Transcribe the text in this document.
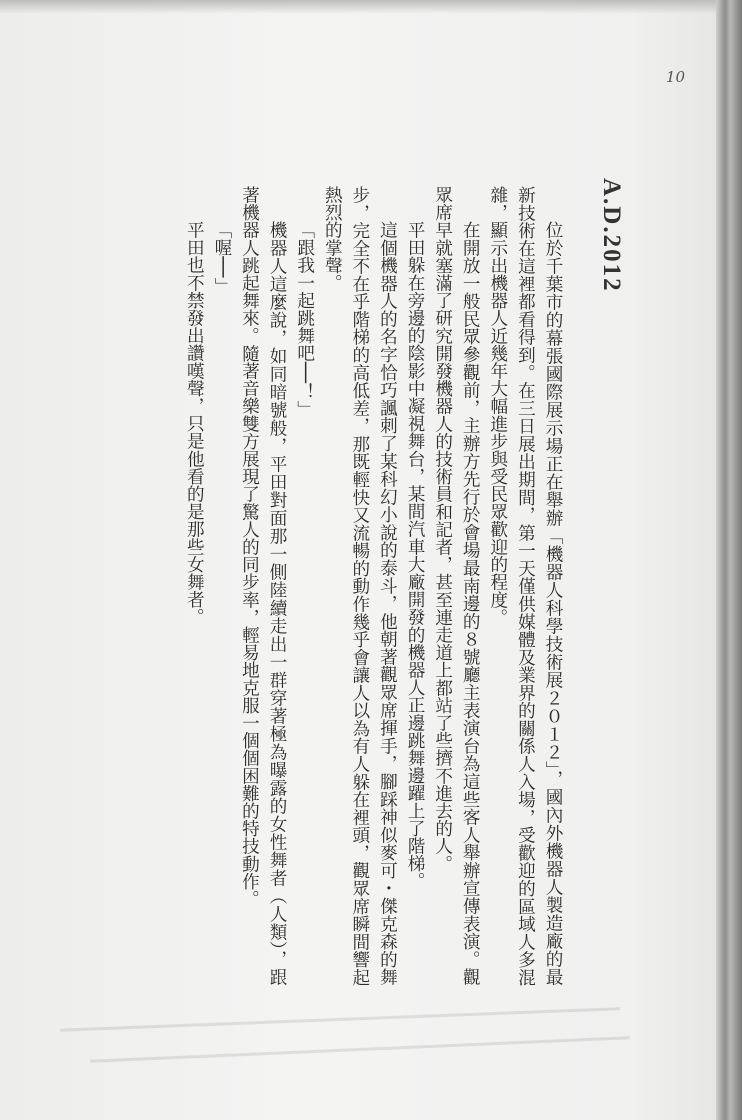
10
A.D.2012

位於千葉市的幕張國際展示場正在舉辦「機器人科學技術展２０１２」，國內外機器人製造廠的最新技術在這裡都看得到。在三日展出期間，第一天僅供媒體及業界的關係人入場，受歡迎的區域人多混雜，顯示出機器人近幾年大幅進步與受民眾歡迎的程度。

在開放一般民眾參觀前，主辦方先行於會場最南邊的８號廳主表演台為這些客人舉辦宣傳表演。觀眾席早就塞滿了研究開發機器人的技術員和記者，甚至連走道上都站了些擠不進去的人。

平田躲在旁邊的陰影中凝視舞台，某間汽車大廠開發的機器人正邊跳舞邊躍上了階梯。

這個機器人的名字恰巧諷刺了某科幻小說的泰斗，他朝著觀眾席揮手，腳踩神似麥可・傑克森的舞步，完全不在乎階梯的高低差，那既輕快又流暢的動作幾乎會讓人以為有人躲在裡頭，觀眾席瞬間響起熱烈的掌聲。

「跟我一起跳舞吧──！」

機器人這麼說，如同暗號般，平田對面那一側陸續走出一群穿著極為曝露的女性舞者（人類），跟著機器人跳起舞來。隨著音樂雙方展現了驚人的同步率，輕易地克服一個個困難的特技動作。

「喔──」

平田也不禁發出讚嘆聲，只是他看的是那些女舞者。
